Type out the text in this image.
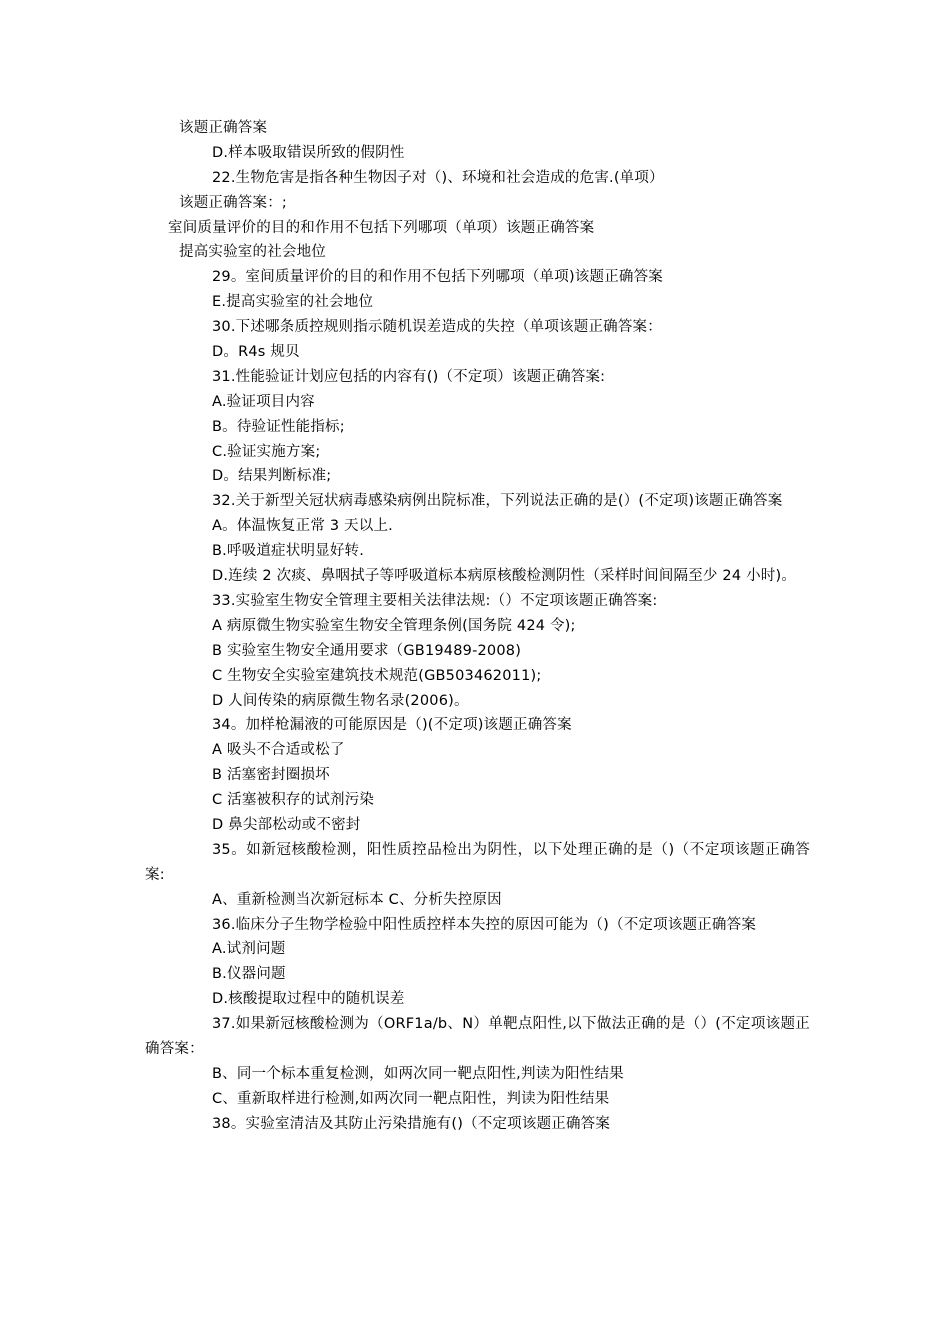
该题正确答案
D.样本吸取错误所致的假阴性
22.生物危害是指各种生物因子对（)、环境和社会造成的危害.(单项）
该题正确答案：;
室间质量评价的目的和作用不包括下列哪项（单项）该题正确答案
提高实验室的社会地位
29。室间质量评价的目的和作用不包括下列哪项（单项)该题正确答案
E.提高实验室的社会地位
30.下述哪条质控规则指示随机误差造成的失控（单项该题正确答案：
D。R4s 规贝
31.性能验证计划应包括的内容有()（不定项）该题正确答案:
A.验证项目内容
B。待验证性能指标;
C.验证实施方案;
D。结果判断标准;
32.关于新型关冠状病毒感染病例出院标准，下列说法正确的是(）(不定项)该题正确答案
A。体温恢复正常 3 天以上.
B.呼吸道症状明显好转.
D.连续 2 次痰、鼻咽拭子等呼吸道标本病原核酸检测阴性（采样时间间隔至少 24 小时)。
33.实验室生物安全管理主要相关法律法规:（）不定项该题正确答案:
A 病原微生物实验室生物安全管理条例(国务院 424 令);
B 实验室生物安全通用要求（GB19489-2008)
C 生物安全实验室建筑技术规范(GB503462011);
D 人间传染的病原微生物名录(2006)。
34。加样枪漏液的可能原因是（)(不定项)该题正确答案
A 吸头不合适或松了
B 活塞密封圈损坏
C 活塞被积存的试剂污染
D 鼻尖部松动或不密封
35。如新冠核酸检测，阳性质控品检出为阴性，以下处理正确的是（)（不定项该题正确答案:
A、重新检测当次新冠标本 C、分析失控原因
36.临床分子生物学检验中阳性质控样本失控的原因可能为（)（不定项该题正确答案
A.试剂问题
B.仪器问题
D.核酸提取过程中的随机误差
37.如果新冠核酸检测为（ORF1a/b、N）单靶点阳性,以下做法正确的是（）(不定项该题正确答案：
B、同一个标本重复检测，如两次同一靶点阳性,判读为阳性结果
C、重新取样进行检测,如两次同一靶点阳性，判读为阳性结果
38。实验室清洁及其防止污染措施有()（不定项该题正确答案
